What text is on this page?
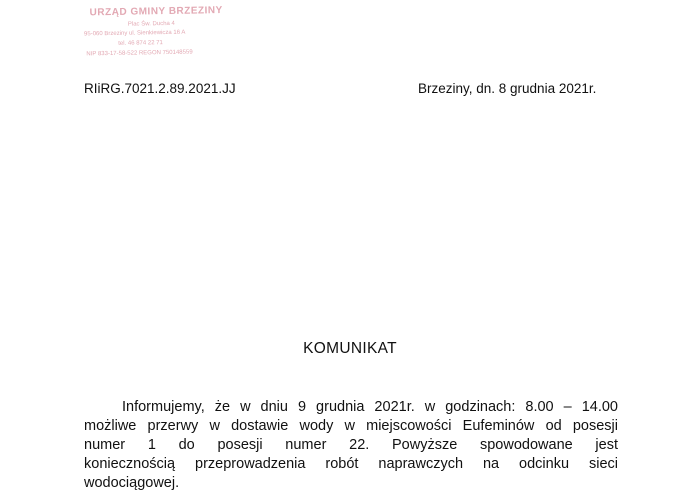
URZĄD GMINY BRZEZINY
Plac Św. Ducha 4
95-060 Brzeziny ul. Sienkiewicza 16 A
tel. 46 874 22 71
NIP 833-17-58-522 REGON 750148559
RIiRG.7021.2.89.2021.JJ	Brzeziny, dn. 8 grudnia 2021r.
KOMUNIKAT
Informujemy, że w dniu 9 grudnia 2021r. w godzinach: 8.00 – 14.00
możliwe przerwy w dostawie wody w miejscowości Eufeminów od posesji
numer 1 do posesji numer 22. Powyższe spowodowane jest
koniecznością przeprowadzenia robót naprawczych na odcinku sieci
wodociągowej.
